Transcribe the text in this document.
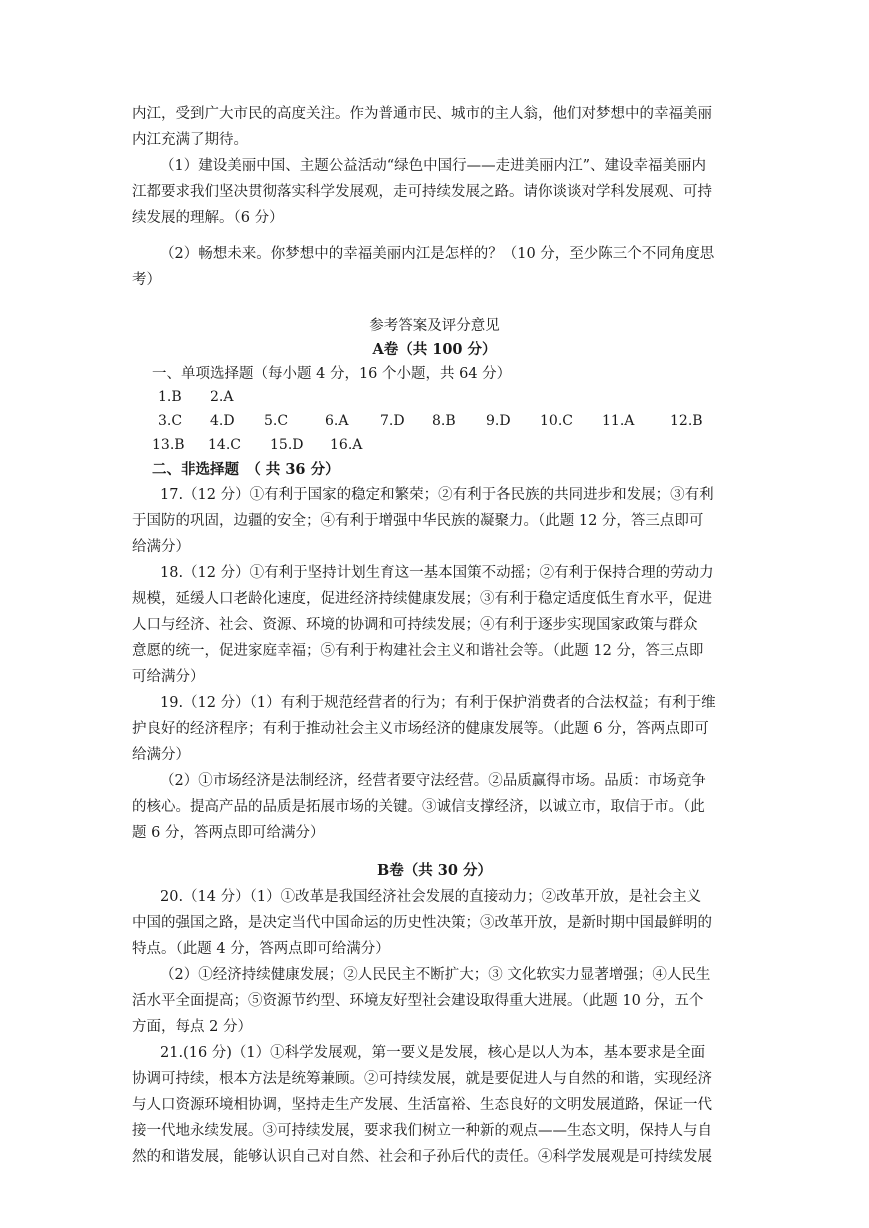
内江，受到广大市民的高度关注。作为普通市民、城市的主人翁，他们对梦想中的幸福美丽
内江充满了期待。
（1）建设美丽中国、主题公益活动“绿色中国行——走进美丽内江”、建设幸福美丽内
江都要求我们坚决贯彻落实科学发展观，走可持续发展之路。请你谈谈对学科发展观、可持
续发展的理解。（6 分）
（2）畅想未来。你梦想中的幸福美丽内江是怎样的？（10 分，至少陈三个不同角度思
考）
参考答案及评分意见
A卷（共 100 分）
一、单项选择题（每小题 4 分，16 个小题，共 64 分）
1.B 2.A
3.C 4.D 5.C	6.A 7.D 8.B 9.D 10.C 11.A	12.B
13.B 14.C 15.D 16.A
二、非选择题　（ 共 36 分）
17.（12 分）①有利于国家的稳定和繁荣；②有利于各民族的共同进步和发展；③有利
于国防的巩固，边疆的安全；④有利于增强中华民族的凝聚力。（此题 12 分，答三点即可
给满分）
18.（12 分）①有利于坚持计划生育这一基本国策不动摇；②有利于保持合理的劳动力
规模，延缓人口老龄化速度，促进经济持续健康发展；③有利于稳定适度低生育水平，促进
人口与经济、社会、资源、环境的协调和可持续发展；④有利于逐步实现国家政策与群众
意愿的统一，促进家庭幸福；⑤有利于构建社会主义和谐社会等。（此题 12 分，答三点即
可给满分）
19.（12 分）（1）有利于规范经营者的行为；有利于保护消费者的合法权益；有利于维
护良好的经济程序；有利于推动社会主义市场经济的健康发展等。（此题 6 分，答两点即可
给满分）
（2）①市场经济是法制经济，经营者要守法经营。②品质赢得市场。品质：市场竞争
的核心。提高产品的品质是拓展市场的关键。③诚信支撑经济，以诚立市，取信于市。（此
题 6 分，答两点即可给满分）
B卷（共 30 分）
20.（14 分）（1）①改革是我国经济社会发展的直接动力；②改革开放，是社会主义
中国的强国之路，是决定当代中国命运的历史性决策；③改革开放，是新时期中国最鲜明的
特点。（此题 4 分，答两点即可给满分）
（2）①经济持续健康发展；②人民民主不断扩大；③ 文化软实力显著增强；④人民生
活水平全面提高；⑤资源节约型、环境友好型社会建设取得重大进展。（此题 10 分，五个
方面，每点 2 分）
21.(16 分)（1）①科学发展观，第一要义是发展，核心是以人为本，基本要求是全面
协调可持续，根本方法是统筹兼顾。②可持续发展，就是要促进人与自然的和谐，实现经济
与人口资源环境相协调，坚持走生产发展、生活富裕、生态良好的文明发展道路，保证一代
接一代地永续发展。③可持续发展，要求我们树立一种新的观点——生态文明，保持人与自
然的和谐发展，能够认识自己对自然、社会和子孙后代的责任。④科学发展观是可持续发展
